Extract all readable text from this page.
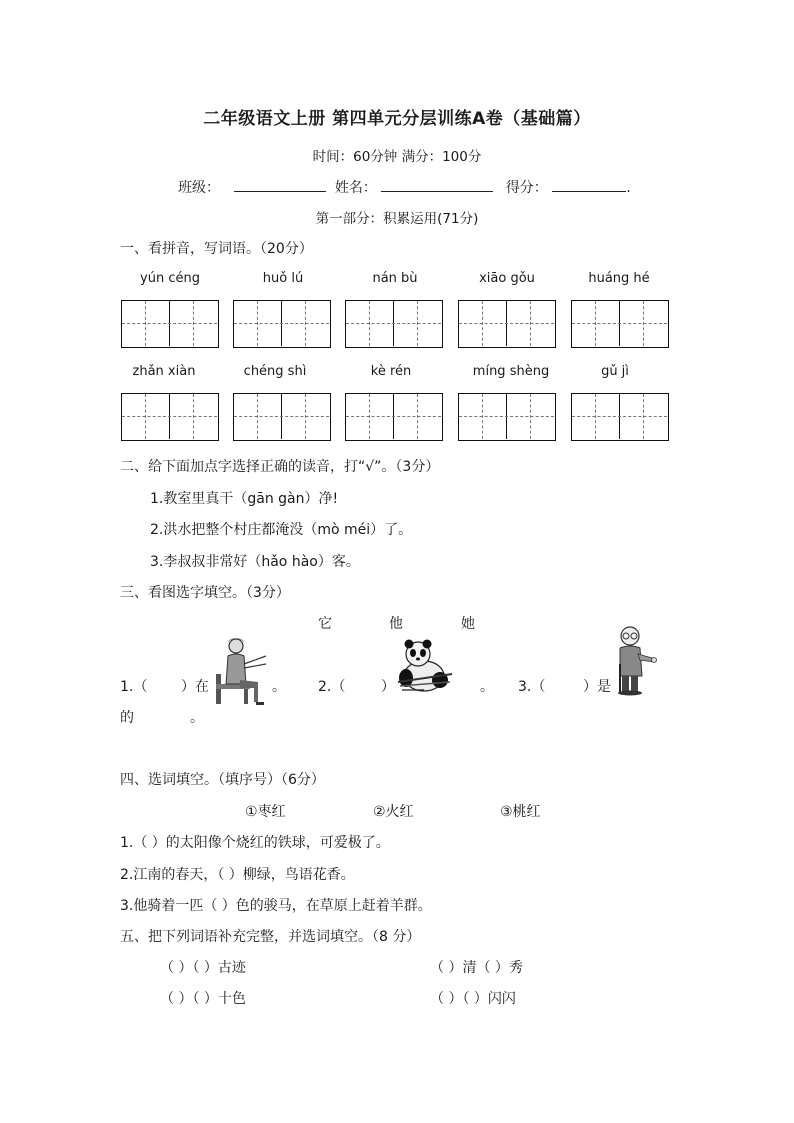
二年级语文上册 第四单元分层训练A卷（基础篇）
时间：60分钟 满分：100分
班级：	姓名：	得分：	.
第一部分：积累运用(71分)
一、看拼音，写词语。（20分）
yún céng	huǒ lú	nán bù	xiāo gǒu	huáng hé
zhǎn xiàn	chéng shì	kè rén	míng shèng	gǔ jì
二、给下面加点字选择正确的读音，打“√”。（3分）
1.教室里真干（gān gàn）净!
2.洪水把整个村庄都淹没（mò méi）了。
3.李叔叔非常好（hǎo hào）客。
三、看图选字填空。（3分）
它	他	她
1.（ ）在	。 2.（	）	。 3.（	）是
的	。
四、选词填空。（填序号）（6分）
①枣红	②火红	③桃红
1.（ ）的太阳像个烧红的铁球，可爱极了。
2.江南的春天，（ ）柳绿，鸟语花香。
3.他骑着一匹（ ）色的骏马，在草原上赶着羊群。
五、把下列词语补充完整，并选词填空。（8 分）
（ ）（ ）古迹	（ ）清（ ）秀
（ ）（ ）十色	（ ）（ ）闪闪
